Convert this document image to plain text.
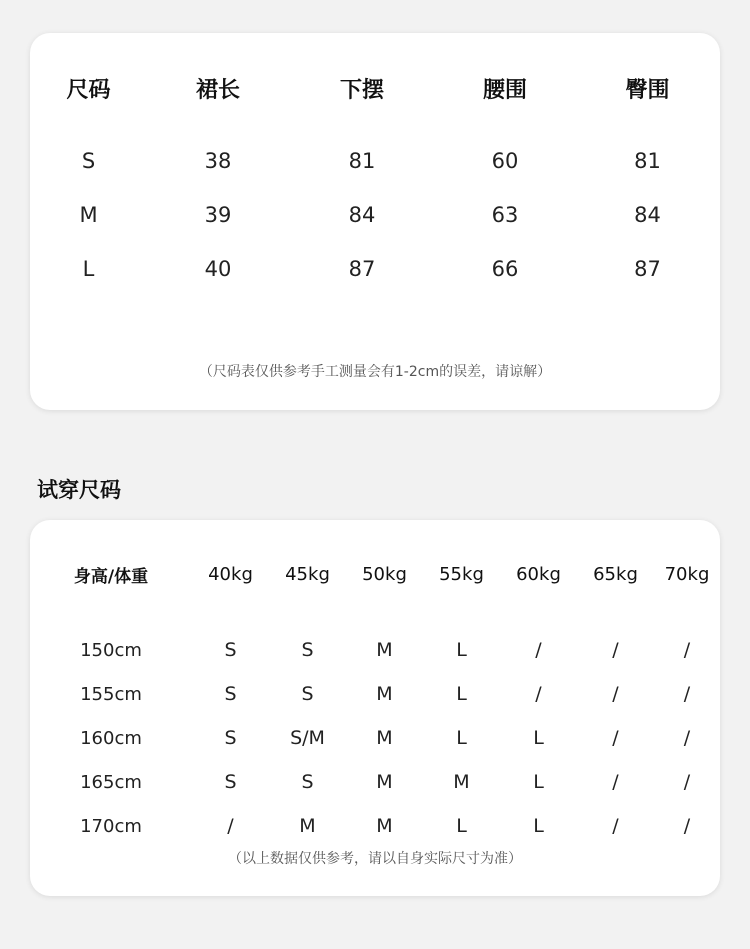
尺码	裙长	下摆	腰围	臀围
S	38	81	60	81
M	39	84	63	84
L	40	87	66	87
（尺码表仅供参考手工测量会有1-2cm的误差，请谅解）
试穿尺码
身高/体重	40kg	45kg	50kg	55kg	60kg	65kg	70kg
150cm	S	S	M	L	/	/	/
155cm	S	S	M	L	/	/	/
160cm	S	S/M	M	L	L	/	/
165cm	S	S	M	M	L	/	/
170cm	/	M	M	L	L	/	/
（以上数据仅供参考，请以自身实际尺寸为准）
